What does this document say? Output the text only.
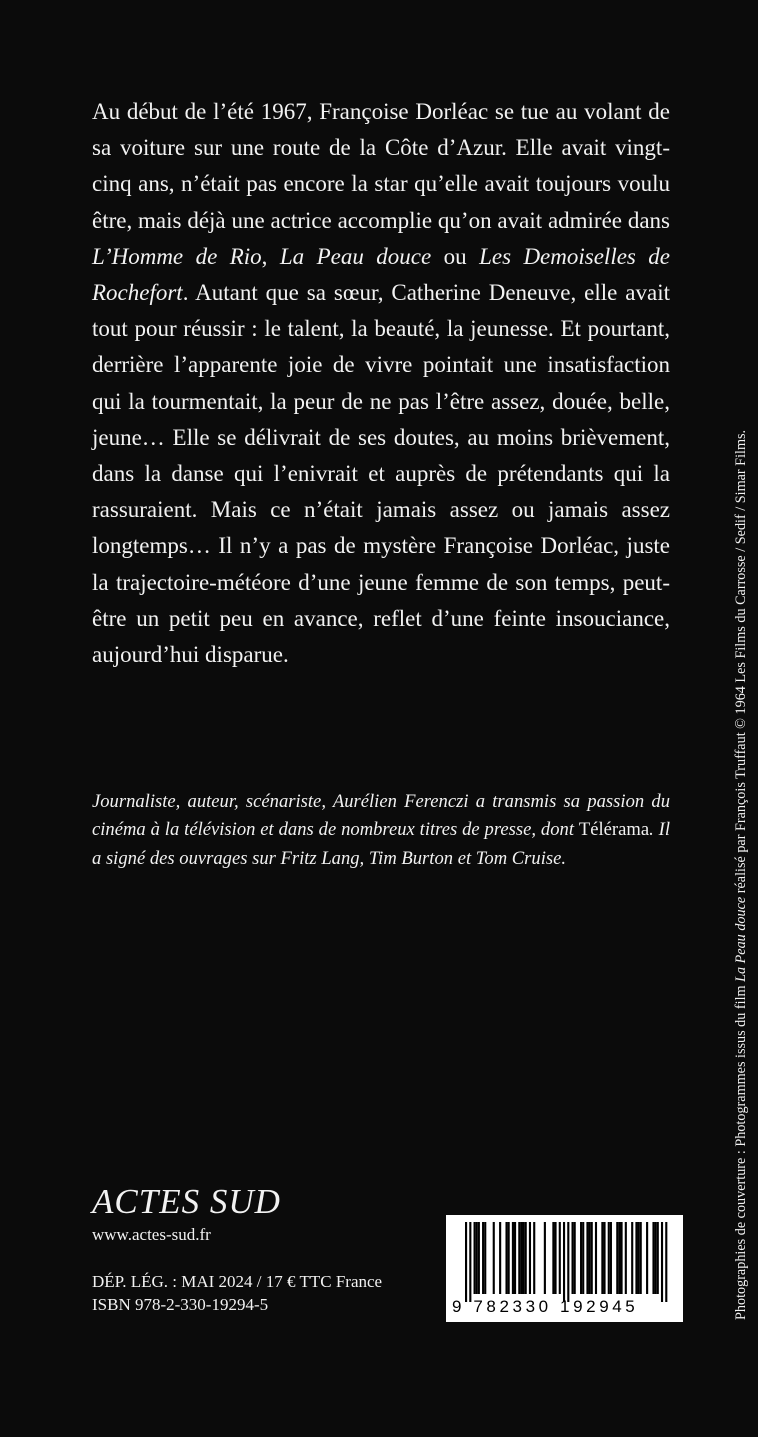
Au début de l’été 1967, Françoise Dorléac se tue au volant de sa voiture sur une route de la Côte d’Azur. Elle avait vingt-cinq ans, n’était pas encore la star qu’elle avait toujours voulu être, mais déjà une actrice accomplie qu’on avait admirée dans L’Homme de Rio, La Peau douce ou Les Demoiselles de Rochefort. Autant que sa sœur, Catherine Deneuve, elle avait tout pour réussir : le talent, la beauté, la jeunesse. Et pourtant, derrière l’apparente joie de vivre pointait une insatisfaction qui la tourmentait, la peur de ne pas l’être assez, douée, belle, jeune… Elle se délivrait de ses doutes, au moins brièvement, dans la danse qui l’enivrait et auprès de prétendants qui la rassuraient. Mais ce n’était jamais assez ou jamais assez longtemps… Il n’y a pas de mystère Françoise Dorléac, juste la trajectoire-météore d’une jeune femme de son temps, peut-être un petit peu en avance, reflet d’une feinte insouciance, aujourd’hui disparue.

Journaliste, auteur, scénariste, Aurélien Ferenczi a transmis sa passion du cinéma à la télévision et dans de nombreux titres de presse, dont Télérama. Il a signé des ouvrages sur Fritz Lang, Tim Burton et Tom Cruise.

ACTES SUD
www.actes-sud.fr
DÉP. LÉG. : MAI 2024 / 17 € TTC France
ISBN 978-2-330-19294-5	9 782330 192945	Photographies de couverture : Photogrammes issus du film La Peau douce réalisé par François Truffaut © 1964 Les Films du Carrosse / Sedif / Simar Films.
